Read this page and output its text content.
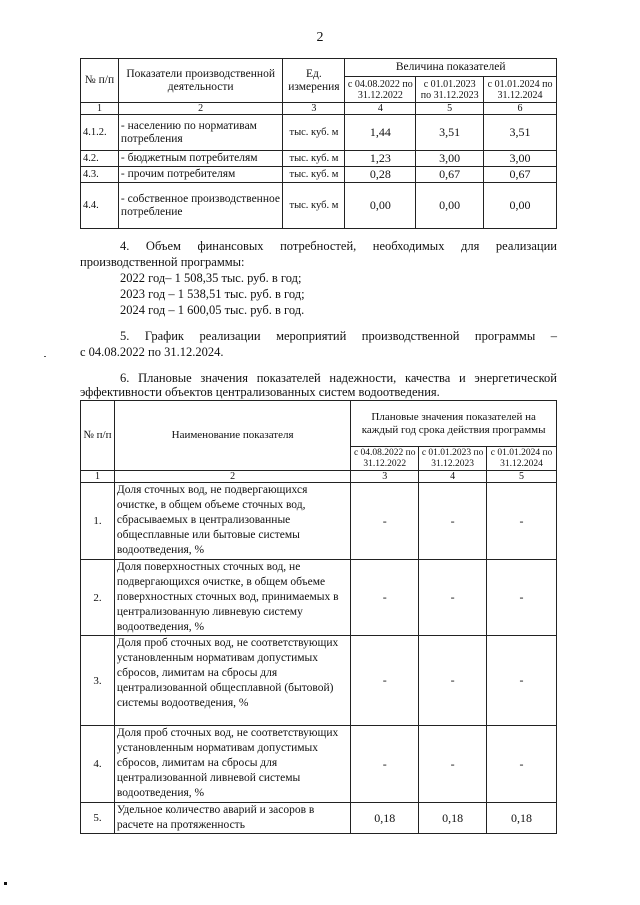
2
№ п/п	Показатели производственной деятельности	Ед. измерения	Величина показателей		
			с 04.08.2022 по 31.12.2022	с 01.01.2023 по 31.12.2023	с 01.01.2024 по 31.12.2024
1	2	3	4	5	6
4.1.2.	- населению по нормативам потребления	тыс. куб. м	1,44	3,51	3,51
4.2.	- бюджетным потребителям	тыс. куб. м	1,23	3,00	3,00
4.3.	- прочим потребителям	тыс. куб. м	0,28	0,67	0,67
4.4.	- собственное производственное потребление	тыс. куб. м	0,00	0,00	0,00
4. Объем финансовых потребностей, необходимых для реализации
производственной программы:
2022 год– 1 508,35 тыс. руб. в год;
2023 год – 1 538,51 тыс. руб. в год;
2024 год – 1 600,05 тыс. руб. в год.
5. График реализации мероприятий производственной программы –
с 04.08.2022 по 31.12.2024.
6. Плановые значения показателей надежности, качества и энергетической
эффективности объектов централизованных систем водоотведения.
№ п/п	Наименование показателя	Плановые значения показателей на каждый год срока действия программы		
		с 04.08.2022 по 31.12.2022	с 01.01.2023 по 31.12.2023	с 01.01.2024 по 31.12.2024
1	2	3	4	5
1.	Доля сточных вод, не подвергающихся очистке, в общем объеме сточных вод, сбрасываемых в централизованные общесплавные или бытовые системы водоотведения, %	-	-	-
2.	Доля поверхностных сточных вод, не подвергающихся очистке, в общем объеме поверхностных сточных вод, принимаемых в централизованную ливневую систему водоотведения, %	-	-	-
3.	Доля проб сточных вод, не соответствующих установленным нормативам допустимых сбросов, лимитам на сбросы для централизованной общесплавной (бытовой) системы водоотведения, %	-	-	-
4.	Доля проб сточных вод, не соответствующих установленным нормативам допустимых сбросов, лимитам на сбросы для централизованной ливневой системы водоотведения, %	-	-	-
5.	Удельное количество аварий и засоров в расчете на протяженность	0,18	0,18	0,18
